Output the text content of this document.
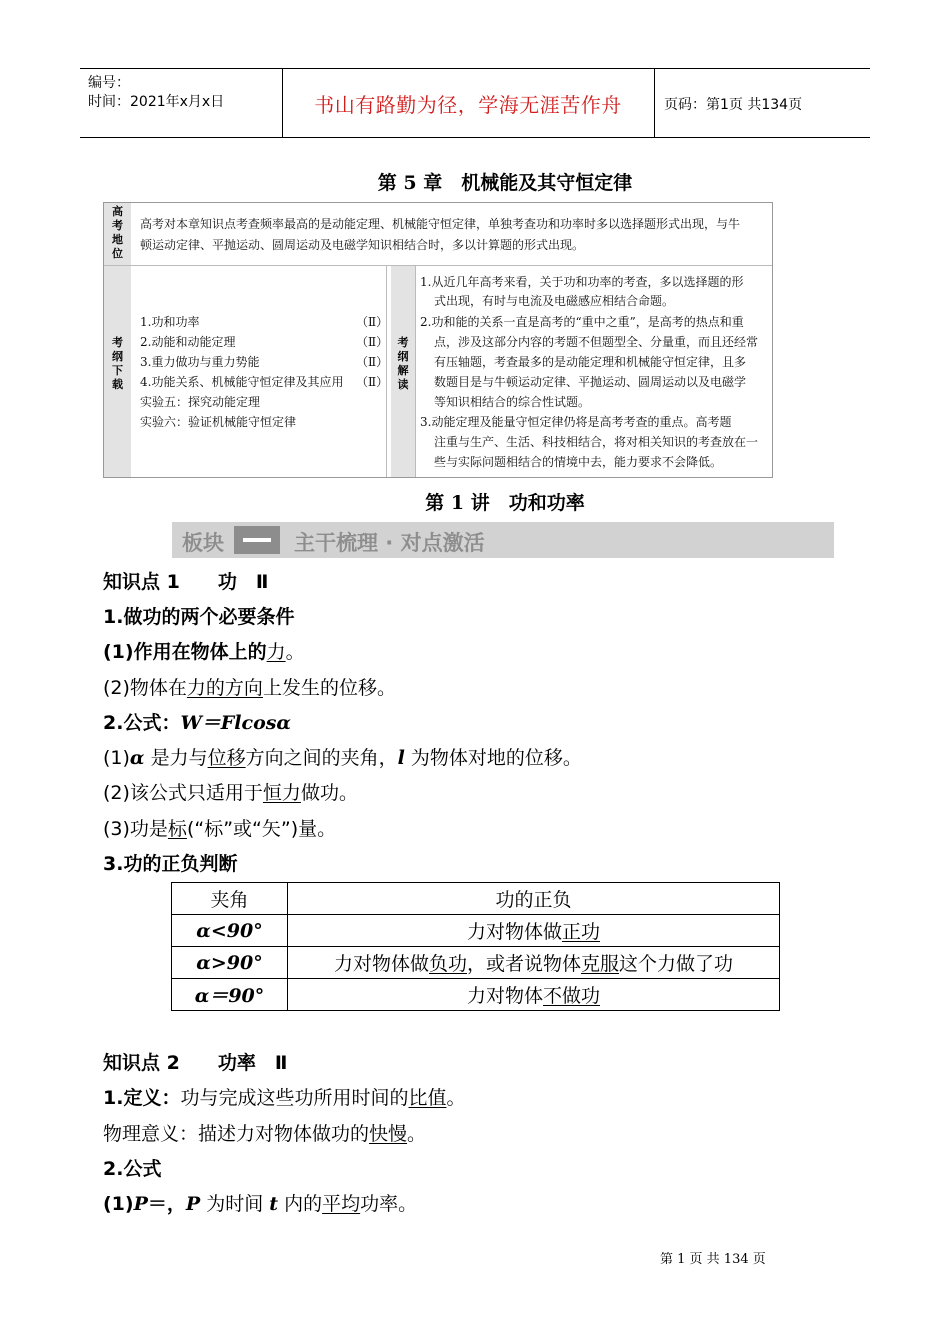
编号：
时间：2021年x月x日	书山有路勤为径，学海无涯苦作舟	页码：第1页 共134页
第 5 章　机械能及其守恒定律
高
考
地
位
高考对本章知识点考查频率最高的是动能定理、机械能守恒定律，单独考查功和功率时多以选择题形式出现，与牛
顿运动定律、平抛运动、圆周运动及电磁学知识相结合时，多以计算题的形式出现。
考
纲
下
载
1.功和功率	（Ⅱ）
2.动能和动能定理	（Ⅱ）
3.重力做功与重力势能	（Ⅱ）
4.功能关系、机械能守恒定律及其应用 （Ⅱ）
实验五：探究动能定理
实验六：验证机械能守恒定律
考
纲
解
读
1.从近几年高考来看，关于功和功率的考查，多以选择题的形
式出现，有时与电流及电磁感应相结合命题。
2.功和能的关系一直是高考的“重中之重”，是高考的热点和重
点，涉及这部分内容的考题不但题型全、分量重，而且还经常
有压轴题，考查最多的是动能定理和机械能守恒定律，且多
数题目是与牛顿运动定律、平抛运动、圆周运动以及电磁学
等知识相结合的综合性试题。
3.动能定理及能量守恒定律仍将是高考考查的重点。高考题
注重与生产、生活、科技相结合，将对相关知识的考查放在一
些与实际问题相结合的情境中去，能力要求不会降低。
第 1 讲　功和功率
板块	主干梳理 · 对点激活
知识点 1　　功　Ⅱ
1.做功的两个必要条件
(1)作用在物体上的力。
(2)物体在力的方向上发生的位移。
2.公式：W＝Flcosα
(1)α 是力与位移方向之间的夹角，l 为物体对地的位移。
(2)该公式只适用于恒力做功。
(3)功是标(“标”或“矢”)量。
3.功的正负判断
夹角	功的正负
α<90°	力对物体做正功
α>90°	力对物体做负功，或者说物体克服这个力做了功
α＝90°	力对物体不做功
知识点 2　　功率　Ⅱ
1.定义：功与完成这些功所用时间的比值。
物理意义：描述力对物体做功的快慢。
2.公式
(1)P＝，P 为时间 t 内的平均功率。
第 1 页 共 134 页
